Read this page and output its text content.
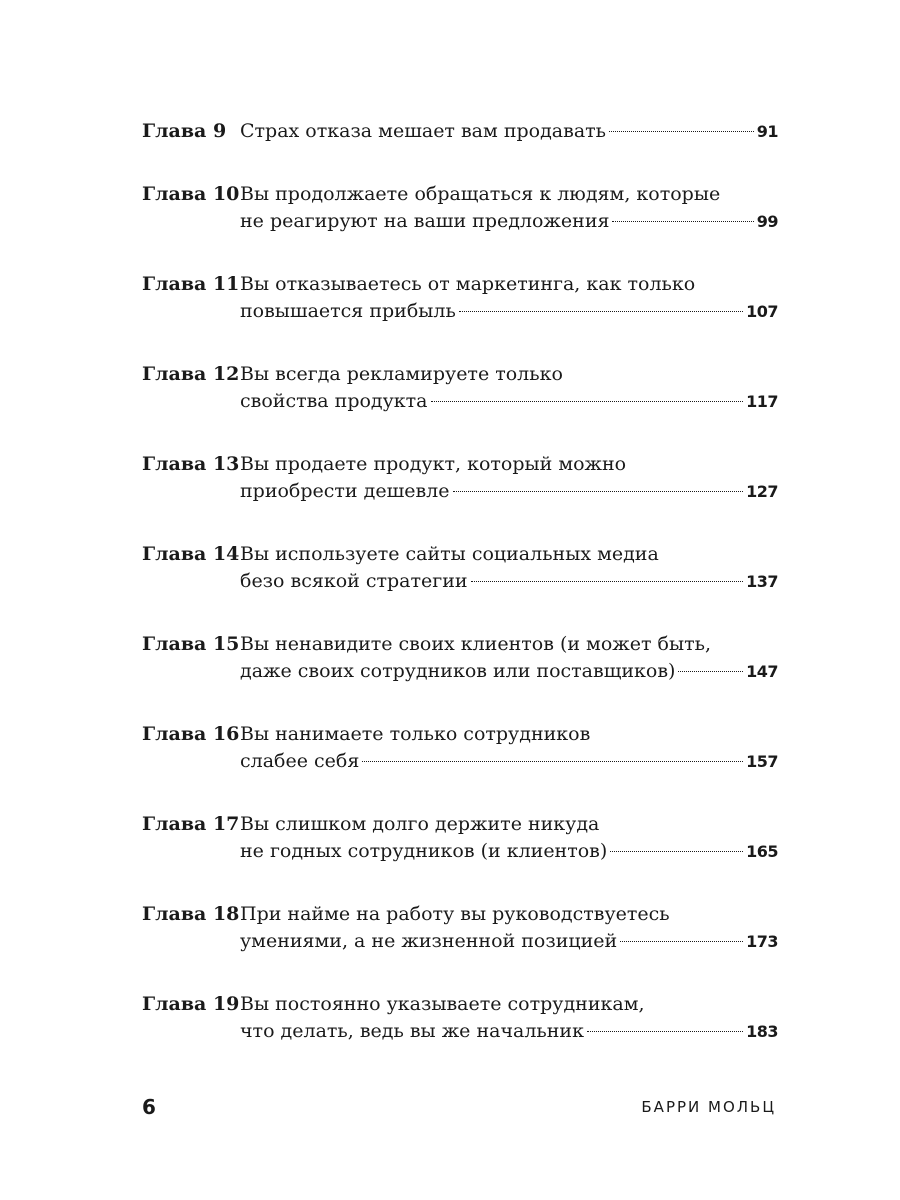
Глава 9 Страх отказа мешает вам продавать	91
Глава 10 Вы продолжаете обращаться к людям, которые
не реагируют на ваши предложения	99
Глава 11 Вы отказываетесь от маркетинга, как только
повышается прибыль	107
Глава 12 Вы всегда рекламируете только
свойства продукта	117
Глава 13 Вы продаете продукт, который можно
приобрести дешевле	127
Глава 14 Вы используете сайты социальных медиа
безо всякой стратегии	137
Глава 15 Вы ненавидите своих клиентов (и может быть,
даже своих сотрудников или поставщиков)	147
Глава 16 Вы нанимаете только сотрудников
слабее себя	157
Глава 17 Вы слишком долго держите никуда
не годных сотрудников (и клиентов)	165
Глава 18 При найме на работу вы руководствуетесь
умениями, а не жизненной позицией	173
Глава 19 Вы постоянно указываете сотрудникам,
что делать, ведь вы же начальник	183
6	БАРРИ МОЛЬЦ
